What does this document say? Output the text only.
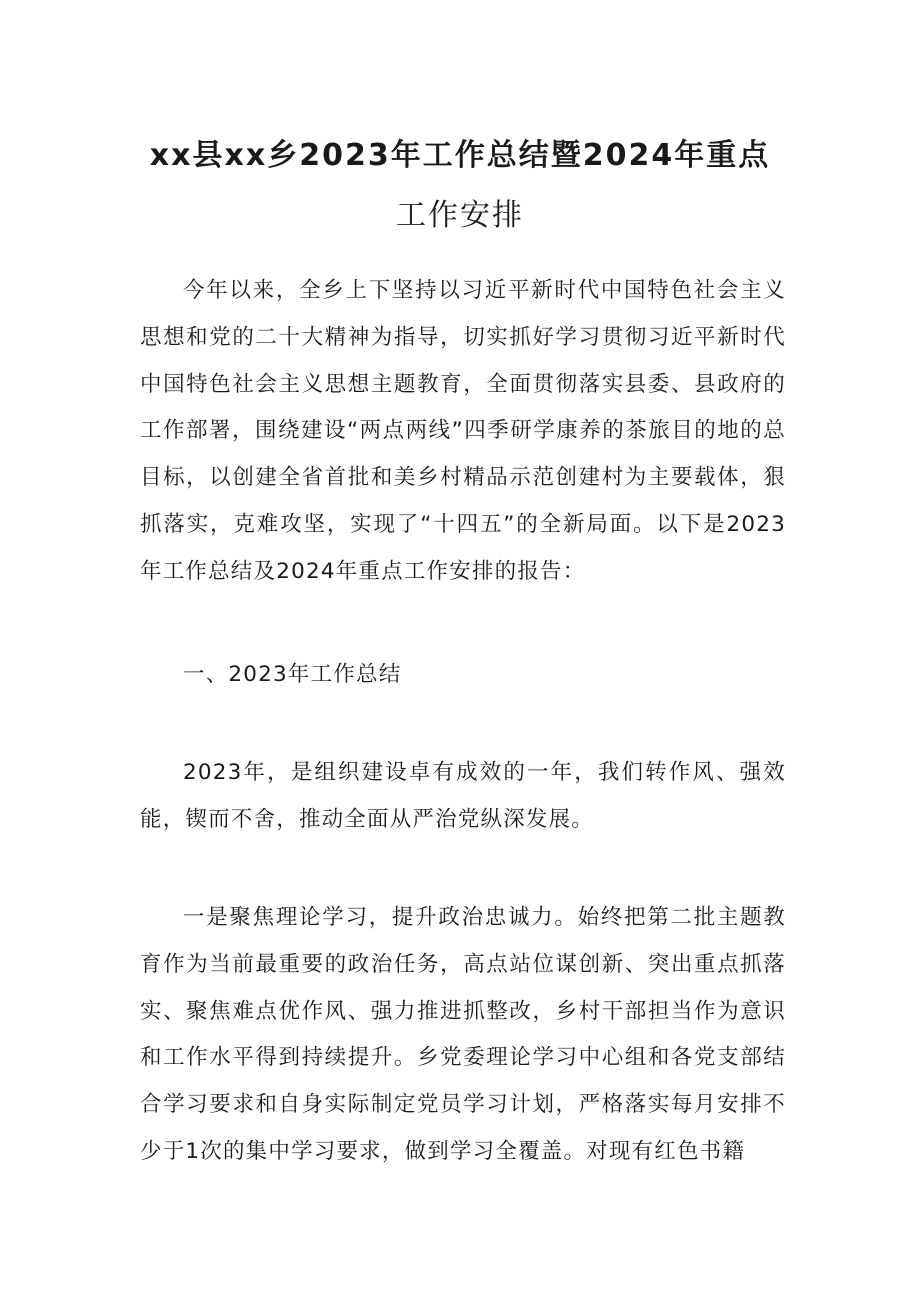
xx县xx乡2023年工作总结暨2024年重点
工作安排

今年以来，全乡上下坚持以习近平新时代中国特色社会主义思想和党的二十大精神为指导，切实抓好学习贯彻习近平新时代中国特色社会主义思想主题教育，全面贯彻落实县委、县政府的工作部署，围绕建设“两点两线”四季研学康养的茶旅目的地的总目标，以创建全省首批和美乡村精品示范创建村为主要载体，狠抓落实，克难攻坚，实现了“十四五”的全新局面。以下是2023年工作总结及2024年重点工作安排的报告：

一、2023年工作总结

2023年，是组织建设卓有成效的一年，我们转作风、强效能，锲而不舍，推动全面从严治党纵深发展。

一是聚焦理论学习，提升政治忠诚力。始终把第二批主题教育作为当前最重要的政治任务，高点站位谋创新、突出重点抓落实、聚焦难点优作风、强力推进抓整改，乡村干部担当作为意识和工作水平得到持续提升。乡党委理论学习中心组和各党支部结合学习要求和自身实际制定党员学习计划，严格落实每月安排不少于1次的集中学习要求，做到学习全覆盖。对现有红色书籍
